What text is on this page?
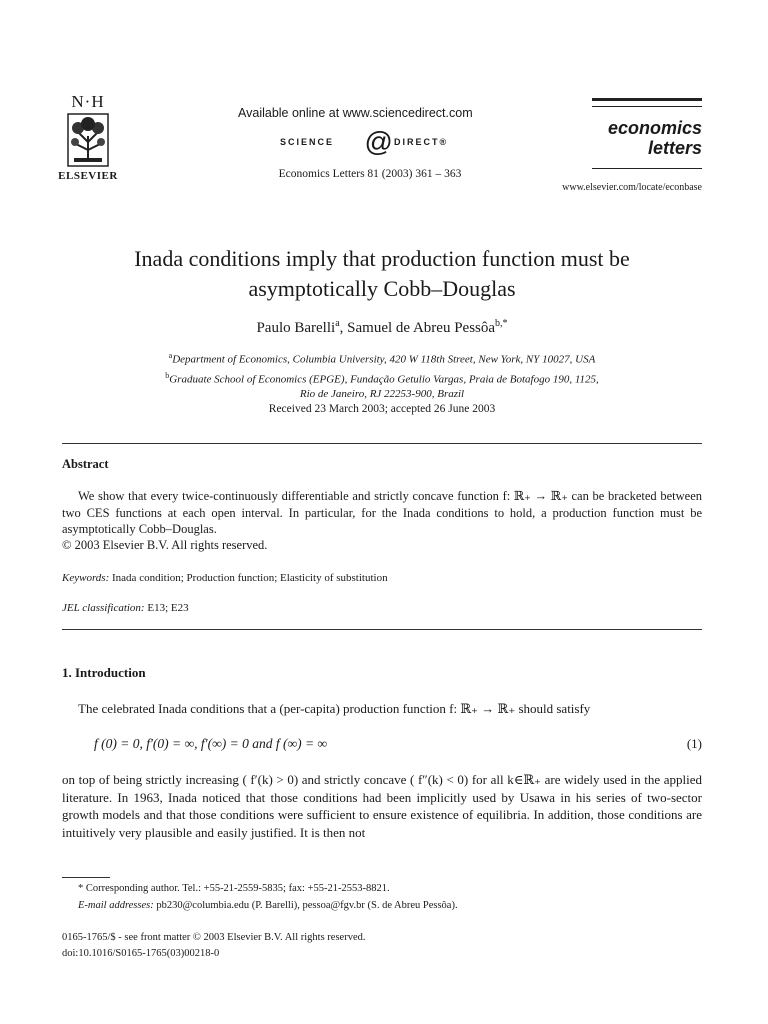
N·H
ELSEVIER
Available online at www.sciencedirect.com
SCIENCE @ DIRECT®
Economics Letters 81 (2003) 361 – 363
economics
letters
www.elsevier.com/locate/econbase
Inada conditions imply that production function must be
asymptotically Cobb–Douglas
Paulo Barelli$^a$, Samuel de Abreu Pessôa$^{b,*}$
$^a$Department of Economics, Columbia University, 420 W 118th Street, New York, NY 10027, USA
$^b$Graduate School of Economics (EPGE), Fundação Getulio Vargas, Praia de Botafogo 190, 1125,
Rio de Janeiro, RJ 22253-900, Brazil
Received 23 March 2003; accepted 26 June 2003
Abstract

We show that every twice-continuously differentiable and strictly concave function f: ℝ₊ → ℝ₊ can be bracketed between two CES functions at each open interval. In particular, for the Inada conditions to hold, a production function must be asymptotically Cobb–Douglas.

© 2003 Elsevier B.V. All rights reserved.
Keywords: Inada condition; Production function; Elasticity of substitution
JEL classification: E13; E23
1. Introduction
The celebrated Inada conditions that a (per-capita) production function f: ℝ₊ → ℝ₊ should satisfy
f (0) = 0, f′(0) = ∞, f′(∞) = 0 and f (∞) = ∞	(1)
on top of being strictly increasing ( f′(k) > 0) and strictly concave ( f″(k) < 0) for all k∈ℝ₊ are widely used in the applied literature. In 1963, Inada noticed that those conditions had been implicitly used by Usawa in his series of two-sector growth models and that those conditions were sufficient to ensure existence of equilibria. In addition, those conditions are intuitively very plausible and easily justified. It is then not
* Corresponding author. Tel.: +55-21-2559-5835; fax: +55-21-2553-8821.
E-mail addresses: pb230@columbia.edu (P. Barelli), pessoa@fgv.br (S. de Abreu Pessôa).
0165-1765/$ - see front matter © 2003 Elsevier B.V. All rights reserved.
doi:10.1016/S0165-1765(03)00218-0
